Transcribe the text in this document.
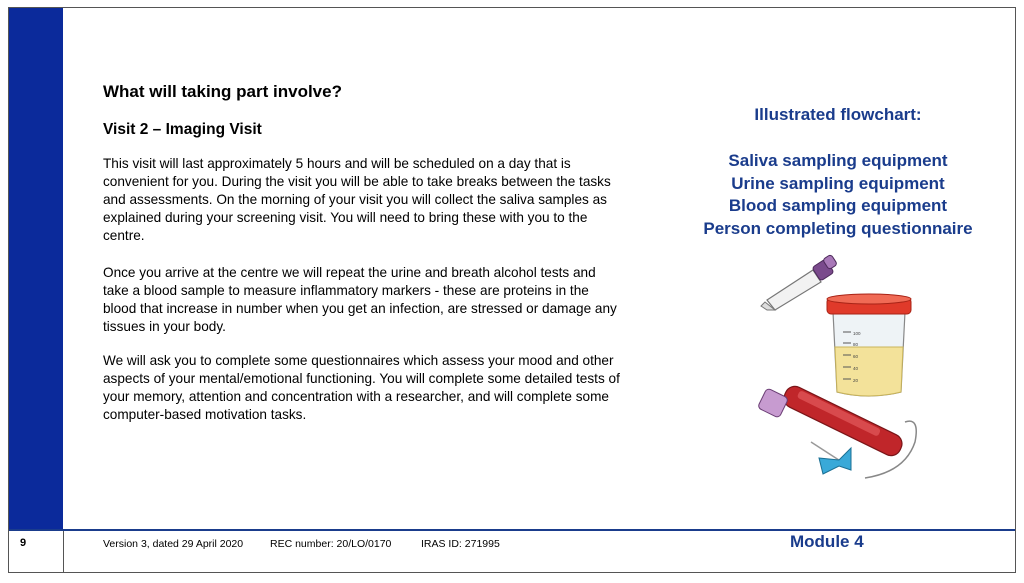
What will taking part involve?
Visit 2 – Imaging Visit

This visit will last approximately 5 hours and will be scheduled on a day that is convenient for you. During the visit you will be able to take breaks between the tasks and assessments. On the morning of your visit you will collect the saliva samples as explained during your screening visit. You will need to bring these with you to the centre.

Once you arrive at the centre we will repeat the urine and breath alcohol tests and take a blood sample to measure inflammatory markers - these are proteins in the blood that increase in number when you get an infection, are stressed or damage any tissues in your body.

We will ask you to complete some questionnaires which assess your mood and other aspects of your mental/emotional functioning. You will complete some detailed tests of your memory, attention and concentration with a researcher, and will complete some computer-based motivation tasks.

Illustrated flowchart:
Saliva sampling equipment
Urine sampling equipment
Blood sampling equipment
Person completing questionnaire
100
80
60
40
20
9	Version 3, dated 29 April 2020	REC number: 20/LO/0170	IRAS ID: 271995	Module 4
